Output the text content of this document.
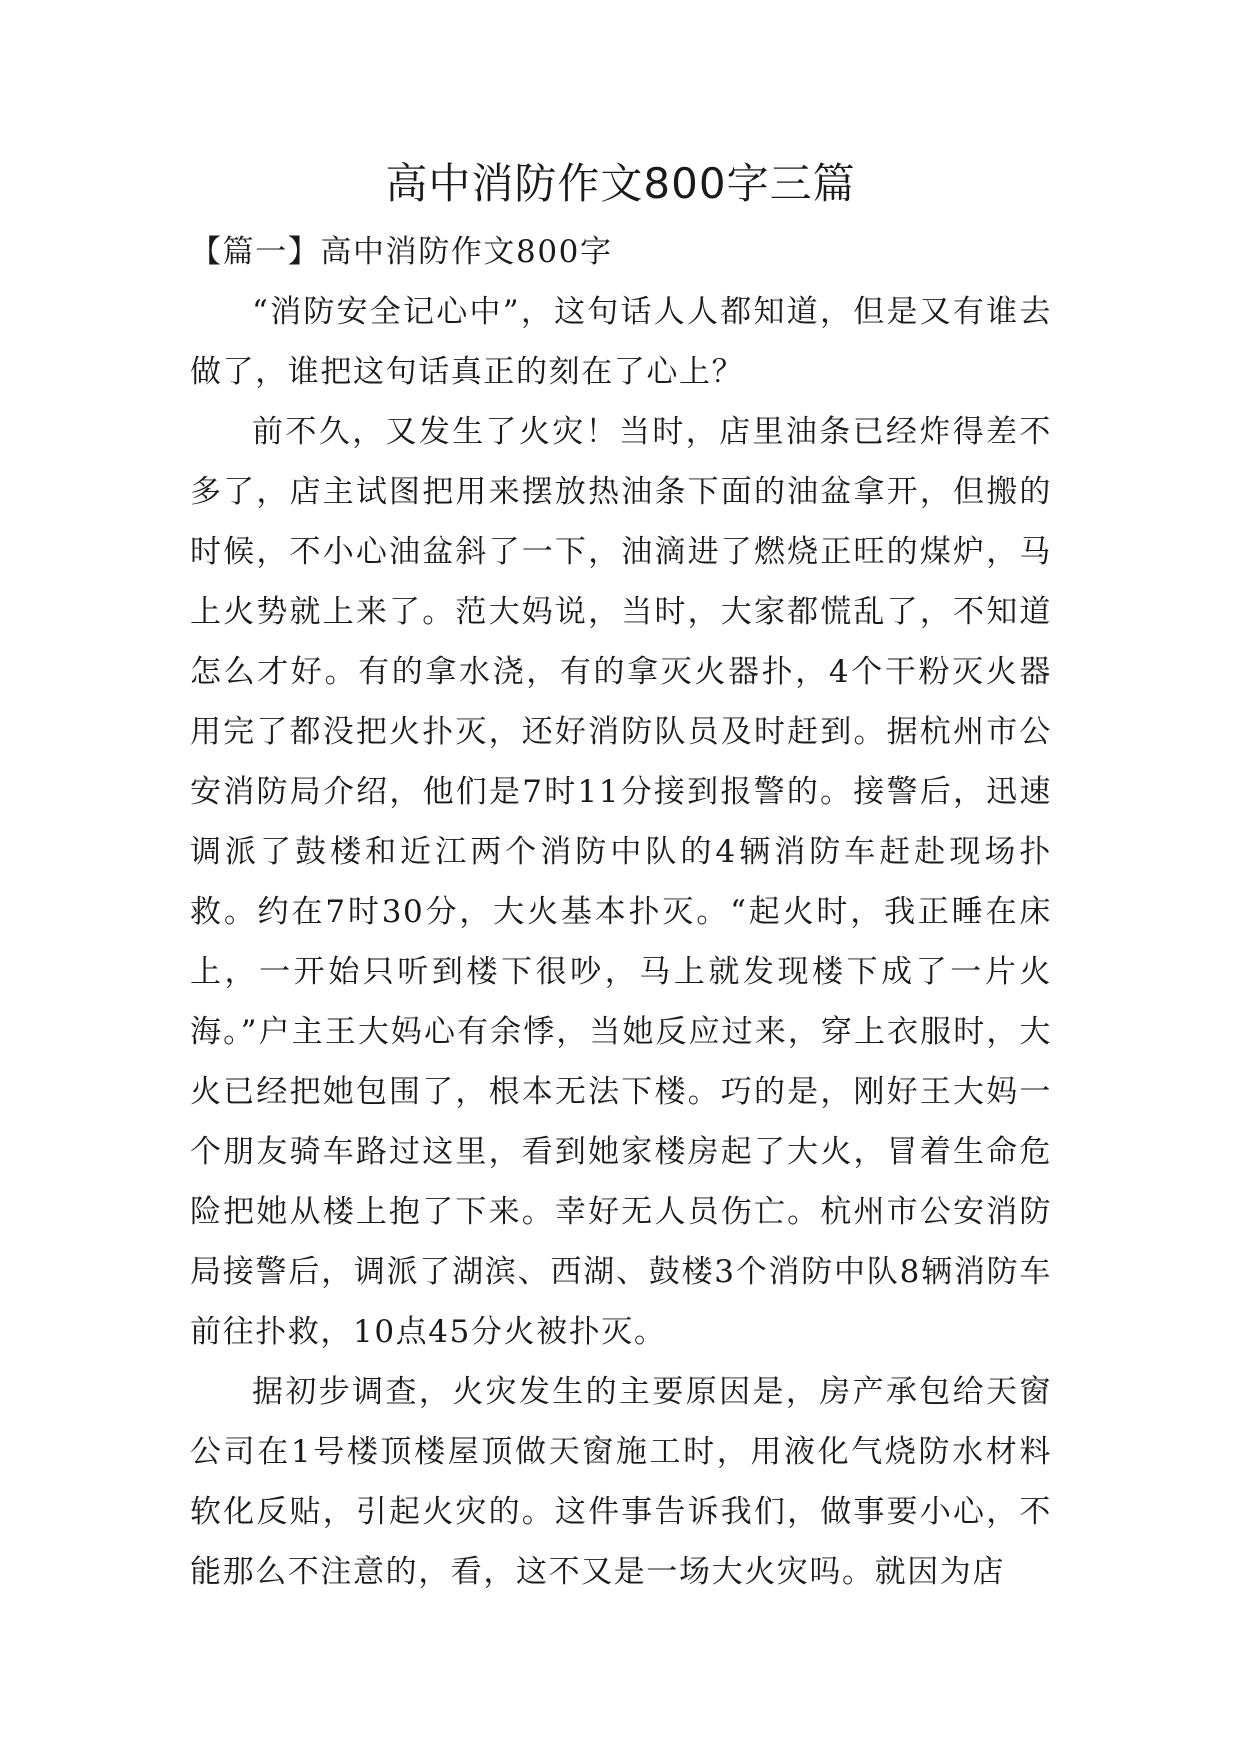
高中消防作文800字三篇
【篇一】高中消防作文800字

“消防安全记心中”，这句话人人都知道，但是又有谁去做了，谁把这句话真正的刻在了心上？

前不久，又发生了火灾！当时，店里油条已经炸得差不多了，店主试图把用来摆放热油条下面的油盆拿开，但搬的时候，不小心油盆斜了一下，油滴进了燃烧正旺的煤炉，马上火势就上来了。范大妈说，当时，大家都慌乱了，不知道怎么才好。有的拿水浇，有的拿灭火器扑，4个干粉灭火器用完了都没把火扑灭，还好消防队员及时赶到。据杭州市公安消防局介绍，他们是7时11分接到报警的。接警后，迅速调派了鼓楼和近江两个消防中队的4辆消防车赶赴现场扑救。约在7时30分，大火基本扑灭。“起火时，我正睡在床上，一开始只听到楼下很吵，马上就发现楼下成了一片火海。”户主王大妈心有余悸，当她反应过来，穿上衣服时，大火已经把她包围了，根本无法下楼。巧的是，刚好王大妈一个朋友骑车路过这里，看到她家楼房起了大火，冒着生命危险把她从楼上抱了下来。幸好无人员伤亡。杭州市公安消防局接警后，调派了湖滨、西湖、鼓楼3个消防中队8辆消防车前往扑救，10点45分火被扑灭。

据初步调查，火灾发生的主要原因是，房产承包给天窗公司在1号楼顶楼屋顶做天窗施工时，用液化气烧防水材料软化反贴，引起火灾的。这件事告诉我们，做事要小心，不能那么不注意的，看，这不又是一场大火灾吗。就因为店
